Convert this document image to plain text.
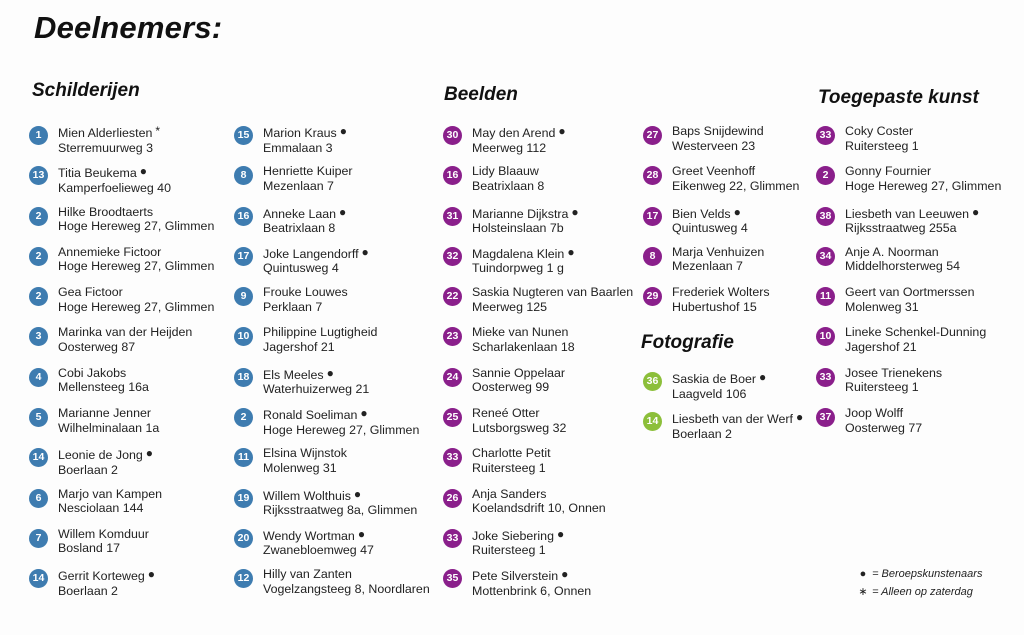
Deelnemers:
Schilderijen	Beelden	Toegepaste kunst
Fotografie
1	Mien Alderliesten *
Sterremuurweg 3
13 Titia Beukema ●
Kamperfoelieweg 40
2	Hilke Broodtaerts
Hoge Hereweg 27, Glimmen
2	Annemieke Fictoor
Hoge Hereweg 27, Glimmen
2	Gea Fictoor
Hoge Hereweg 27, Glimmen
3	Marinka van der Heijden
Oosterweg 87
4	Cobi Jakobs
Mellensteeg 16a
5	Marianne Jenner
Wilhelminalaan 1a
14 Leonie de Jong ●
Boerlaan 2
6	Marjo van Kampen
Nesciolaan 144
7	Willem Komduur
Bosland 17
14 Gerrit Korteweg ●
Boerlaan 2
15 Marion Kraus ●
Emmalaan 3
8	Henriette Kuiper
Mezenlaan 7
16 Anneke Laan ●
Beatrixlaan 8
17 Joke Langendorff ●
Quintusweg 4
9	Frouke Louwes
Perklaan 7
10 Philippine Lugtigheid
Jagershof 21
18 Els Meeles ●
Waterhuizerweg 21
2	Ronald Soeliman ●
Hoge Hereweg 27, Glimmen
11	Elsina Wijnstok
Molenweg 31
19 Willem Wolthuis ●
Rijksstraatweg 8a, Glimmen
20 Wendy Wortman ●
Zwanebloemweg 47
12 Hilly van Zanten
Vogelzangsteeg 8, Noordlaren
30 May den Arend ●
Meerweg 112
16 Lidy Blaauw
Beatrixlaan 8
31 Marianne Dijkstra ●
Holsteinslaan 7b
32 Magdalena Klein ●
Tuindorpweg 1 g
22 Saskia Nugteren van Baarlen
Meerweg 125
23 Mieke van Nunen
Scharlakenlaan 18
24 Sannie Oppelaar
Oosterweg 99
25 Reneé Otter
Lutsborgsweg 32
33 Charlotte Petit
Ruitersteeg 1
26 Anja Sanders
Koelandsdrift 10, Onnen
33 Joke Siebering ●
Ruitersteeg 1
35 Pete Silverstein ●
Mottenbrink 6, Onnen
27 Baps Snijdewind
Westerveen 23
28 Greet Veenhoff
Eikenweg 22, Glimmen
17 Bien Velds ●
Quintusweg 4
8	Marja Venhuizen
Mezenlaan 7
29 Frederiek Wolters
Hubertushof 15
36 Saskia de Boer ●
Laagveld 106
14 Liesbeth van der Werf ●
Boerlaan 2
33 Coky Coster
Ruitersteeg 1
2	Gonny Fournier
Hoge Hereweg 27, Glimmen
38 Liesbeth van Leeuwen ●
Rijksstraatweg 255a
34 Anje A. Noorman
Middelhorsterweg 54
11	Geert van Oortmerssen
Molenweg 31
10 Lineke Schenkel-Dunning
Jagershof 21
33 Josee Trienekens
Ruitersteeg 1
37 Joop Wolff
Oosterweg 77
● = Beroepskunstenaars
∗ = Alleen op zaterdag
